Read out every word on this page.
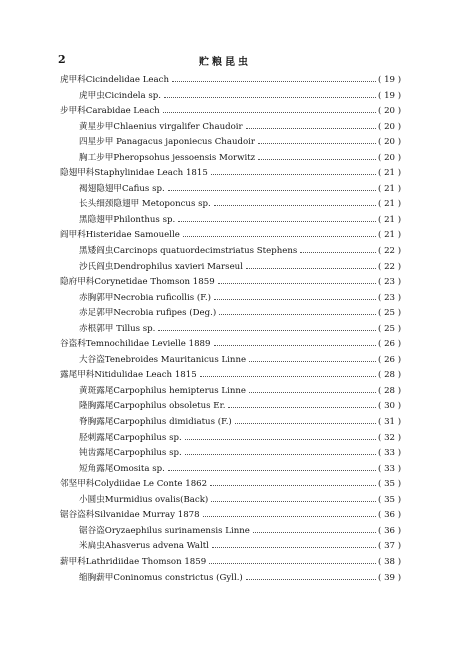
2	贮粮昆虫
虎甲科Cicindelidae Leach	( 19 )
虎甲虫Cicindela sp.	( 19 )
步甲科Carabidae Leach	( 20 )
黄星步甲Chlaenius virgalifer Chaudoir	( 20 )
四星步甲 Panagacus japoniecus Chaudoir	( 20 )
胸工步甲Pheropsohus jessoensis Morwitz	( 20 )
隐翅甲科Staphylinidae Leach 1815	( 21 )
褐翅隐翅甲Cafius sp.	( 21 )
长头细颈隐翅甲 Metoponcus sp.	( 21 )
黑隐翅甲Philonthus sp.	( 21 )
阎甲科Histeridae Samouelle	( 21 )
黑矮阎虫Carcinops quatuordecimstriatus Stephens	( 22 )
沙氏阎虫Dendrophilus xavieri Marseul	( 22 )
隐府甲科Corynetidae Thomson 1859	( 23 )
赤胸郭甲Necrobia ruficollis (F.)	( 23 )
赤足郭甲Necrobia rufipes (Deg.)	( 25 )
赤根郭甲 Tillus sp.	( 25 )
谷盗科Temnochilidae Levielle 1889	( 26 )
大谷盗Tenebroides Mauritanicus Linne	( 26 )
露尾甲科Nitidulidae Leach 1815	( 28 )
黄斑露尾Carpophilus hemipterus Linne	( 28 )
隆胸露尾Carpophilus obsoletus Er.	( 30 )
脊胸露尾Carpophilus dimidiatus (F.)	( 31 )
胫刺露尾Carpophilus sp.	( 32 )
钝齿露尾Carpophilus sp.	( 33 )
短角露尾Omosita sp.	( 33 )
邻坚甲科Colydiidae Le Conte 1862	( 35 )
小圆虫Murmidius ovalis(Back)	( 35 )
锯谷盗科Silvanidae Murray 1878	( 36 )
锯谷盗Oryzaephilus surinamensis Linne	( 36 )
米扁虫Ahasverus advena Waltl	( 37 )
薪甲科Lathridiidae Thomson 1859	( 38 )
缩胸薪甲Coninomus constrictus (Gyll.)	( 39 )
